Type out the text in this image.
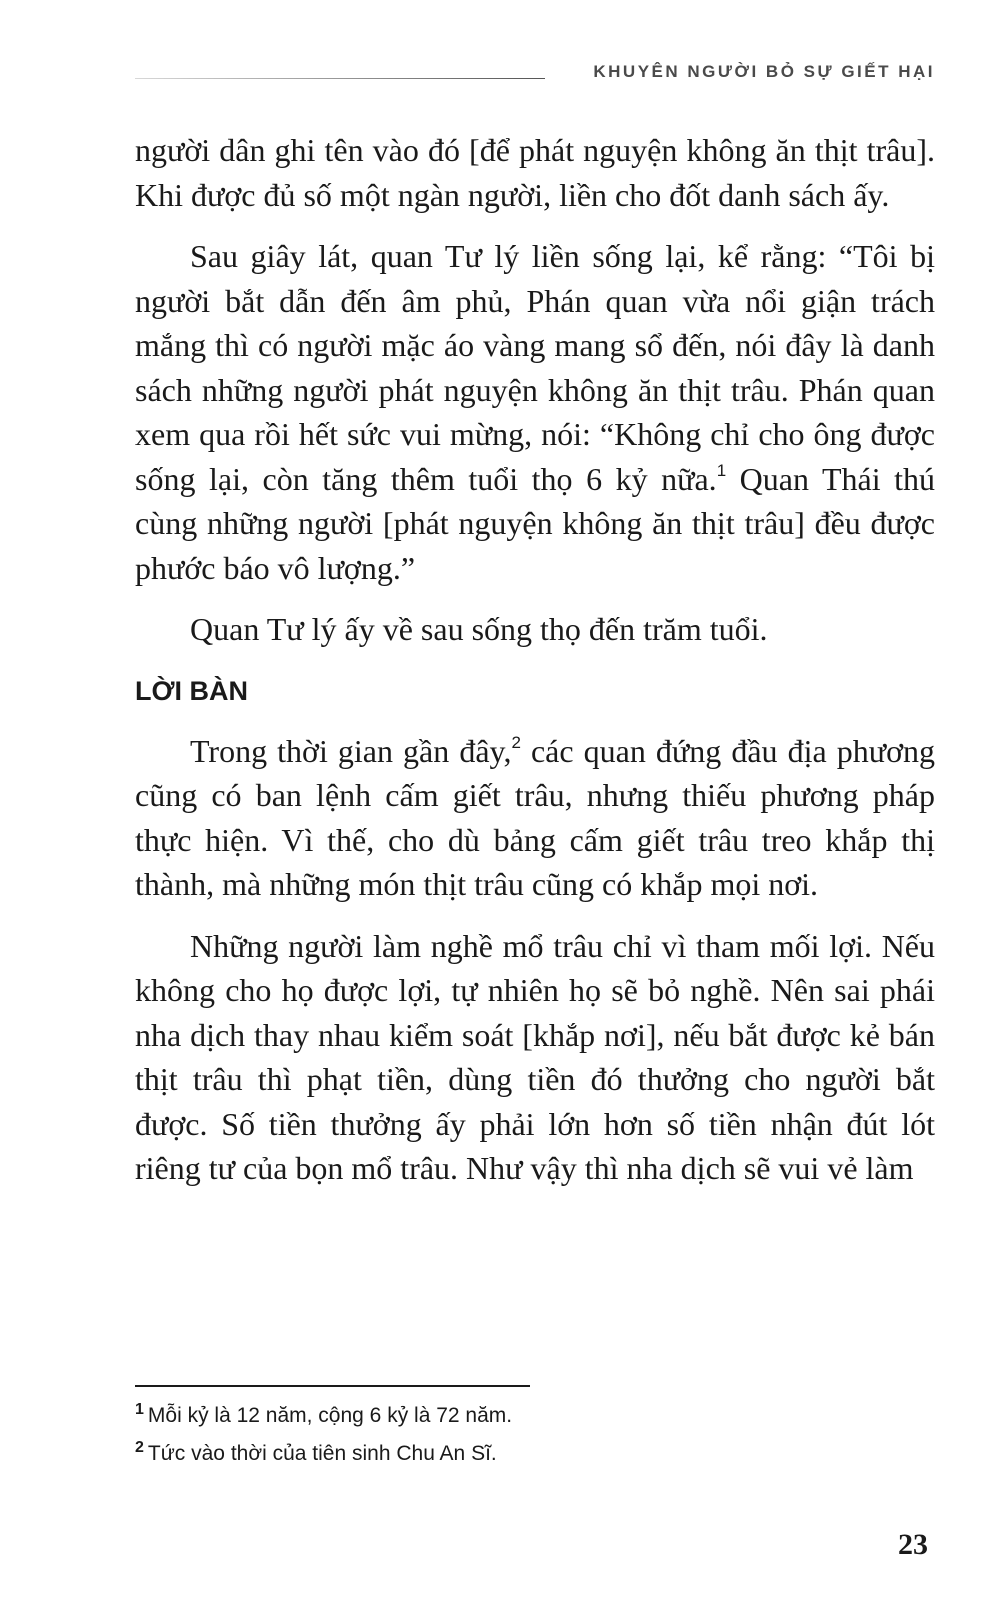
KHUYÊN NGƯỜI BỎ SỰ GIẾT HẠI

người dân ghi tên vào đó [để phát nguyện không ăn thịt trâu]. Khi được đủ số một ngàn người, liền cho đốt danh sách ấy.

Sau giây lát, quan Tư lý liền sống lại, kể rằng: “Tôi bị người bắt dẫn đến âm phủ, Phán quan vừa nổi giận trách mắng thì có người mặc áo vàng mang sổ đến, nói đây là danh sách những người phát nguyện không ăn thịt trâu. Phán quan xem qua rồi hết sức vui mừng, nói: “Không chỉ cho ông được sống lại, còn tăng thêm tuổi thọ 6 kỷ nữa.$^1$ Quan Thái thú cùng những người [phát nguyện không ăn thịt trâu] đều được phước báo vô lượng.”

Quan Tư lý ấy về sau sống thọ đến trăm tuổi.

LỜI BÀN

Trong thời gian gần đây,$^2$ các quan đứng đầu địa phương cũng có ban lệnh cấm giết trâu, nhưng thiếu phương pháp thực hiện. Vì thế, cho dù bảng cấm giết trâu treo khắp thị thành, mà những món thịt trâu cũng có khắp mọi nơi.

Những người làm nghề mổ trâu chỉ vì tham mối lợi. Nếu không cho họ được lợi, tự nhiên họ sẽ bỏ nghề. Nên sai phái nha dịch thay nhau kiểm soát [khắp nơi], nếu bắt được kẻ bán thịt trâu thì phạt tiền, dùng tiền đó thưởng cho người bắt được. Số tiền thưởng ấy phải lớn hơn số tiền nhận đút lót riêng tư của bọn mổ trâu. Như vậy thì nha dịch sẽ vui vẻ làm

$^1$ Mỗi kỷ là 12 năm, cộng 6 kỷ là 72 năm.
$^2$ Tức vào thời của tiên sinh Chu An Sĩ.
23
